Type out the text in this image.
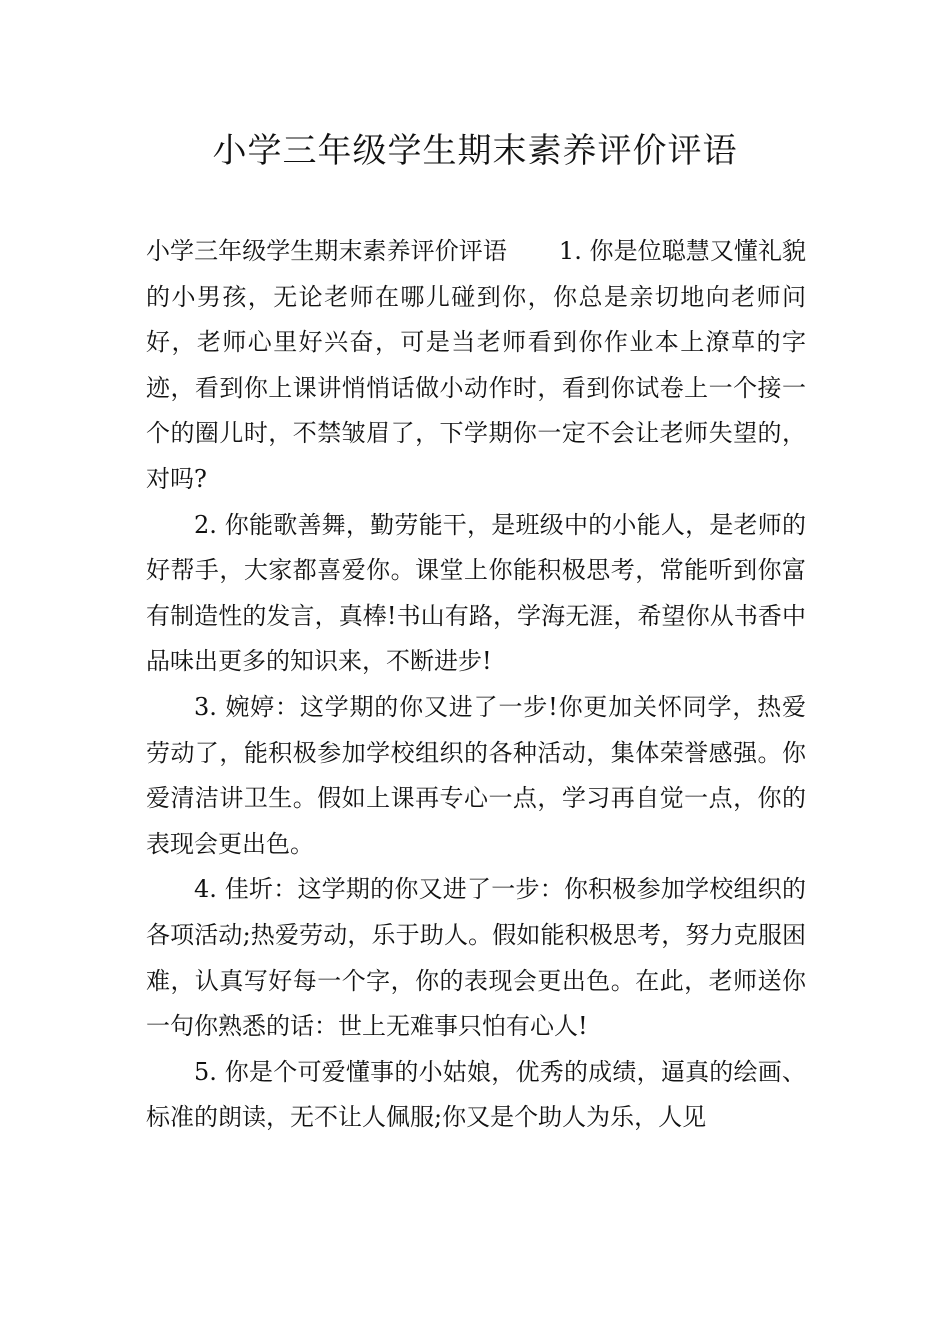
小学三年级学生期末素养评价评语

小学三年级学生期末素养评价评语 1. 你是位聪慧又懂礼貌的小男孩，无论老师在哪儿碰到你，你总是亲切地向老师问好，老师心里好兴奋，可是当老师看到你作业本上潦草的字迹，看到你上课讲悄悄话做小动作时，看到你试卷上一个接一个的圈儿时，不禁皱眉了，下学期你一定不会让老师失望的，对吗?

2. 你能歌善舞，勤劳能干，是班级中的小能人，是老师的好帮手，大家都喜爱你。课堂上你能积极思考，常能听到你富有制造性的发言，真棒!书山有路，学海无涯，希望你从书香中品味出更多的知识来，不断进步!

3. 婉婷：这学期的你又进了一步!你更加关怀同学，热爱劳动了，能积极参加学校组织的各种活动，集体荣誉感强。你爱清洁讲卫生。假如上课再专心一点，学习再自觉一点，你的表现会更出色。

4. 佳圻：这学期的你又进了一步：你积极参加学校组织的各项活动;热爱劳动，乐于助人。假如能积极思考，努力克服困难，认真写好每一个字，你的表现会更出色。在此，老师送你一句你熟悉的话：世上无难事只怕有心人!

5. 你是个可爱懂事的小姑娘，优秀的成绩，逼真的绘画、标准的朗读，无不让人佩服;你又是个助人为乐，人见
